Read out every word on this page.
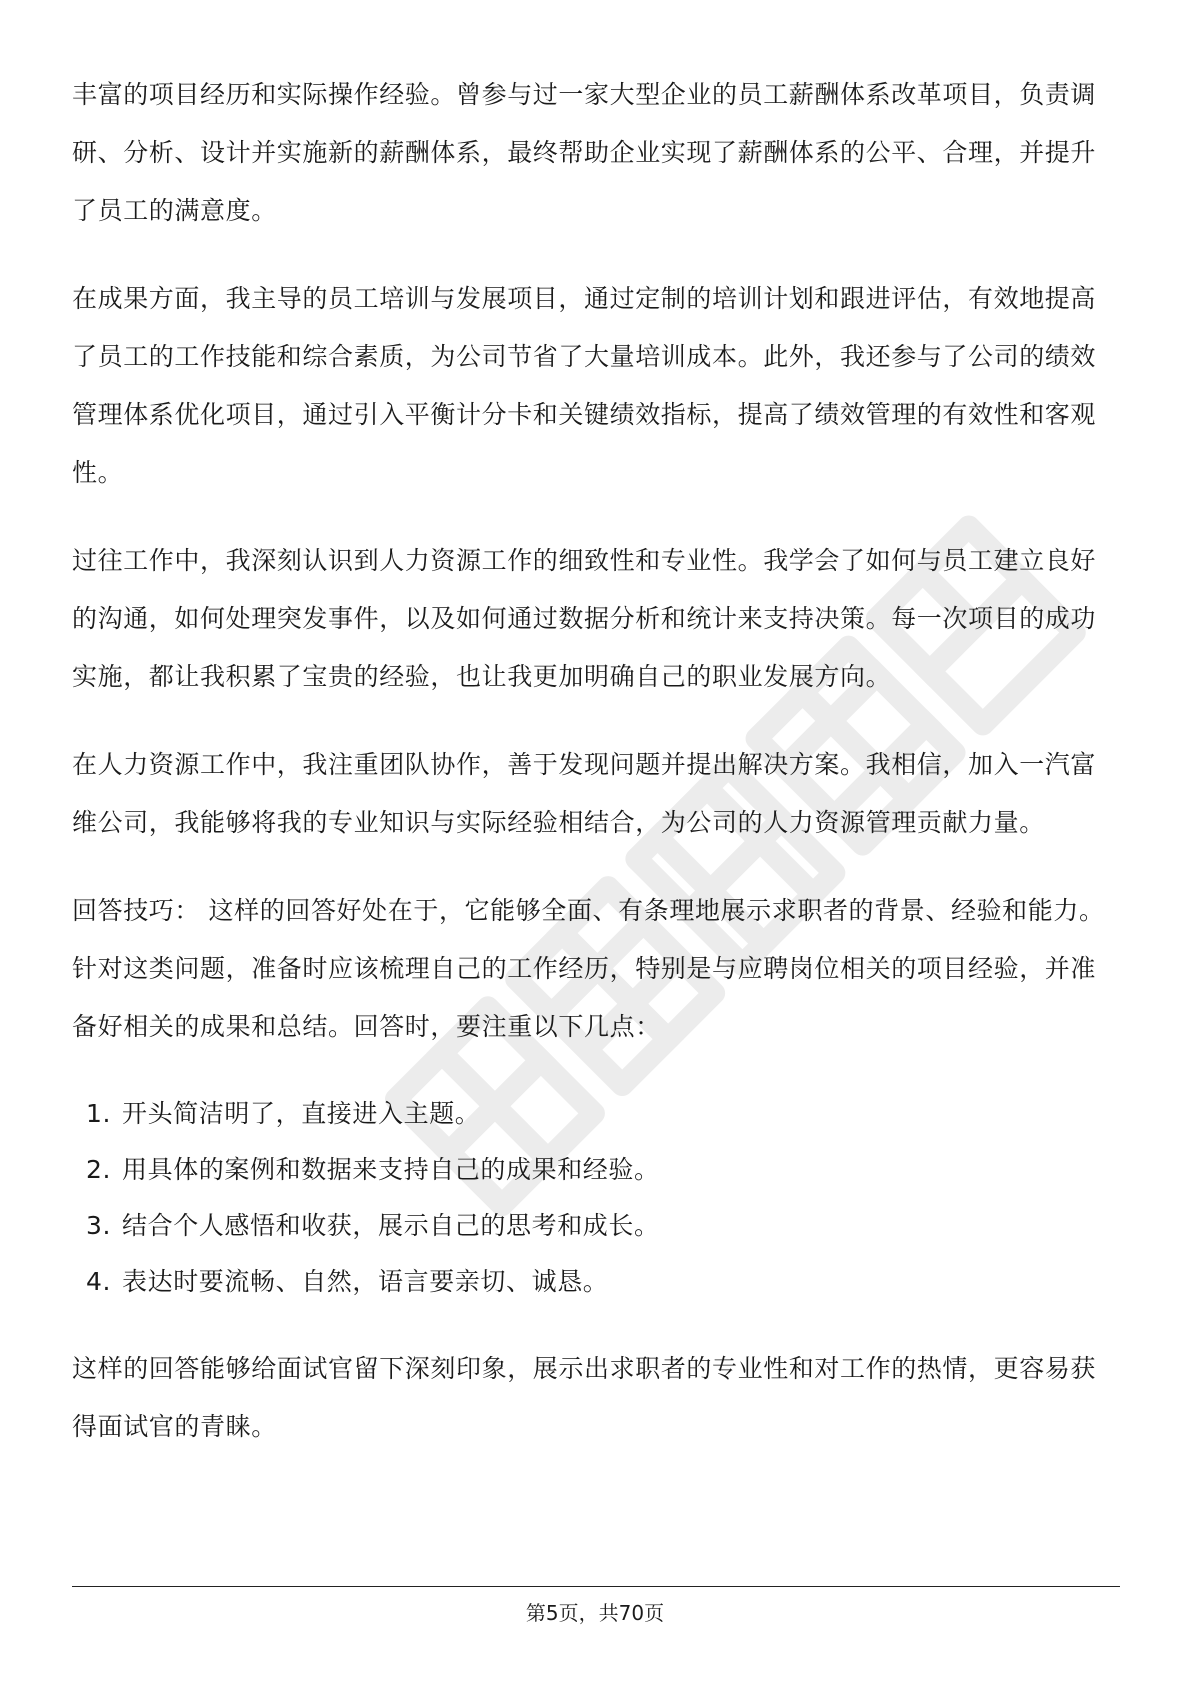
丰富的项目经历和实际操作经验。曾参与过一家大型企业的员工薪酬体系改革项目，负责调研、分析、设计并实施新的薪酬体系，最终帮助企业实现了薪酬体系的公平、合理，并提升了员工的满意度。

在成果方面，我主导的员工培训与发展项目，通过定制的培训计划和跟进评估，有效地提高了员工的工作技能和综合素质，为公司节省了大量培训成本。此外，我还参与了公司的绩效管理体系优化项目，通过引入平衡计分卡和关键绩效指标，提高了绩效管理的有效性和客观性。

过往工作中，我深刻认识到人力资源工作的细致性和专业性。我学会了如何与员工建立良好的沟通，如何处理突发事件，以及如何通过数据分析和统计来支持决策。每一次项目的成功实施，都让我积累了宝贵的经验，也让我更加明确自己的职业发展方向。

在人力资源工作中，我注重团队协作，善于发现问题并提出解决方案。我相信，加入一汽富维公司，我能够将我的专业知识与实际经验相结合，为公司的人力资源管理贡献力量。

回答技巧： 这样的回答好处在于，它能够全面、有条理地展示求职者的背景、经验和能力。针对这类问题，准备时应该梳理自己的工作经历，特别是与应聘岗位相关的项目经验，并准备好相关的成果和总结。回答时，要注重以下几点：

1. 开头简洁明了，直接进入主题。
2. 用具体的案例和数据来支持自己的成果和经验。
3. 结合个人感悟和收获，展示自己的思考和成长。
4. 表达时要流畅、自然，语言要亲切、诚恳。

这样的回答能够给面试官留下深刻印象，展示出求职者的专业性和对工作的热情，更容易获得面试官的青睐。

第5页，共70页
